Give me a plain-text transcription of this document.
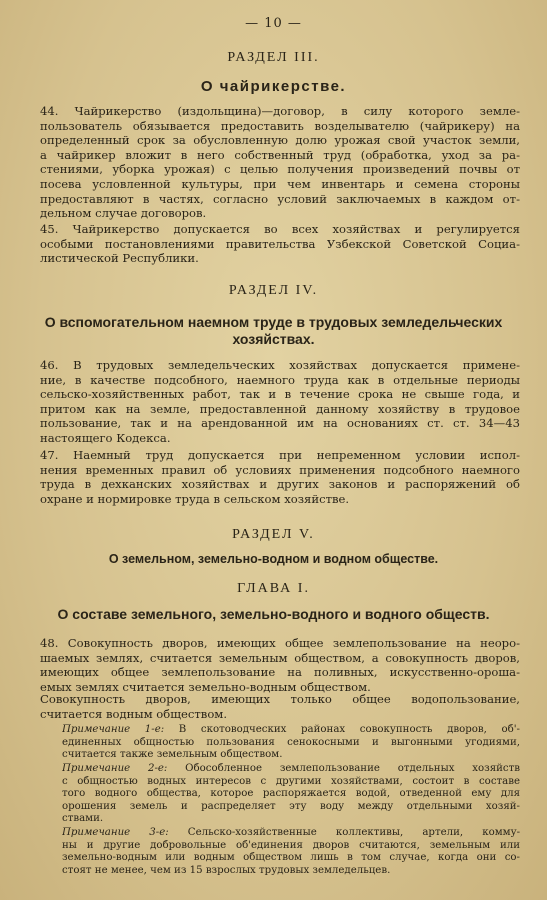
— 10 —
РАЗДЕЛ III.
О чайрикерстве.
44. Чайрикерство (издольщина)—договор, в силу которого земле-
пользователь обязывается предоставить возделывателю (чайрикеру) на
определенный срок за обусловленную долю урожая свой участок земли,
а чайрикер вложит в него собственный труд (обработка, уход за ра-
стениями, уборка урожая) с целью получения произведений почвы от
посева условленной культуры, при чем инвентарь и семена стороны
предоставляют в частях, согласно условий заключаемых в каждом от-
дельном случае договоров.
45. Чайрикерство допускается во всех хозяйствах и регулируется
особыми постановлениями правительства Узбекской Советской Социа-
листической Республики.
РАЗДЕЛ IV.
О вспомогательном наемном труде в трудовых земледельческих
хозяйствах.
46. В трудовых земледельческих хозяйствах допускается примене-
ние, в качестве подсобного, наемного труда как в отдельные периоды
сельско-хозяйственных работ, так и в течение срока не свыше года, и
притом как на земле, предоставленной данному хозяйству в трудовое
пользование, так и на арендованной им на основаниях ст. ст. 34—43
настоящего Кодекса.
47. Наемный труд допускается при непременном условии испол-
нения временных правил об условиях применения подсобного наемного
труда в дехканских хозяйствах и других законов и распоряжений об
охране и нормировке труда в сельском хозяйстве.
РАЗДЕЛ V.
О земельном, земельно-водном и водном обществе.
ГЛАВА I.
О составе земельного, земельно-водного и водного обществ.
48. Совокупность дворов, имеющих общее землепользование на неоро-
шаемых землях, считается земельным обществом, а совокупность дворов,
имеющих общее землепользование на поливных, искусственно-ороша-
емых землях считается земельно-водным обществом.
Совокупность дворов, имеющих только общее водопользование,
считается водным обществом.
Примечание 1-е: В скотоводческих районах совокупность дворов, об'-
единенных общностью пользования сенокосными и выгонными угодиями,
считается также земельным обществом.
Примечание 2-е: Обособленное землепользование отдельных хозяйств
с общностью водных интересов с другими хозяйствами, состоит в составе
того водного общества, которое распоряжается водой, отведенной ему для
орошения земель и распределяет эту воду между отдельными хозяй-
ствами.
Примечание 3-е: Сельско-хозяйственные коллективы, артели, комму-
ны и другие добровольные об'единения дворов считаются, земельным или
земельно-водным или водным обществом лишь в том случае, когда они со-
стоят не менее, чем из 15 взрослых трудовых земледельцев.
